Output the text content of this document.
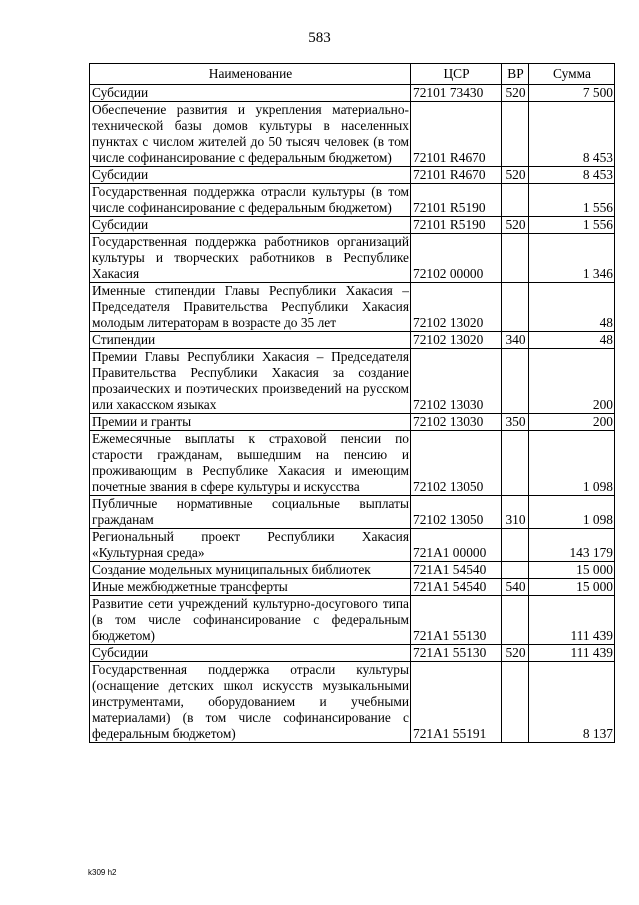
583
Наименование	ЦСР	ВР	Сумма
Субсидии	72101 73430	520	7 500
Обеспечение развития и укрепления материально-технической базы домов культуры в населенных пунктах с числом жителей до 50 тысяч человек (в том числе софинансирование с федеральным бюджетом)	72101 R4670		8 453
Субсидии	72101 R4670	520	8 453
Государственная поддержка отрасли культуры (в том числе софинансирование с федеральным бюджетом)	72101 R5190		1 556
Субсидии	72101 R5190	520	1 556
Государственная поддержка работников организаций культуры и творческих работников в Республике Хакасия	72102 00000		1 346
Именные стипендии Главы Республики Хакасия – Председателя Правительства Республики Хакасия молодым литераторам в возрасте до 35 лет	72102 13020		48
Стипендии	72102 13020	340	48
Премии Главы Республики Хакасия – Председателя Правительства Республики Хакасия за создание прозаических и поэтических произведений на русском или хакасском языках	72102 13030		200
Премии и гранты	72102 13030	350	200
Ежемесячные выплаты к страховой пенсии по старости гражданам, вышедшим на пенсию и проживающим в Республике Хакасия и имеющим почетные звания в сфере культуры и искусства	72102 13050		1 098
Публичные нормативные социальные выплаты гражданам	72102 13050	310	1 098
Региональный проект Республики Хакасия «Культурная среда»	721A1 00000		143 179
Создание модельных муниципальных библиотек	721A1 54540		15 000
Иные межбюджетные трансферты	721A1 54540	540	15 000
Развитие сети учреждений культурно-досугового типа (в том числе софинансирование с федеральным бюджетом)	721A1 55130		111 439
Субсидии	721A1 55130	520	111 439
Государственная поддержка отрасли культуры (оснащение детских школ искусств музыкальными инструментами, оборудованием и учебными материалами) (в том числе софинансирование с федеральным бюджетом)	721A1 55191		8 137
k309 h2
